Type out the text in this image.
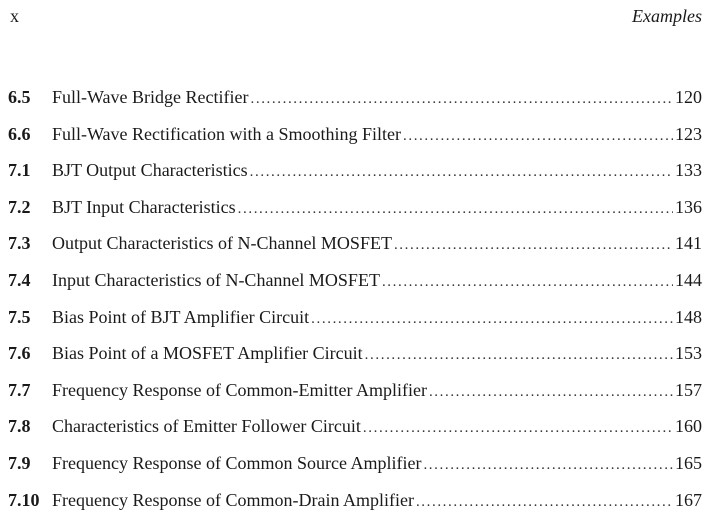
x	Examples
6.5	Full-Wave Bridge Rectifier .....	120
6.6	Full-Wave Rectification with a Smoothing Filter .....	123
7.1	BJT Output Characteristics .....	133
7.2	BJT Input Characteristics .....	136
7.3	Output Characteristics of N-Channel MOSFET .....	141
7.4	Input Characteristics of N-Channel MOSFET .....	144
7.5	Bias Point of BJT Amplifier Circuit .....	148
7.6	Bias Point of a MOSFET Amplifier Circuit .....	153
7.7	Frequency Response of Common-Emitter Amplifier .....	157
7.8	Characteristics of Emitter Follower Circuit .....	160
7.9	Frequency Response of Common Source Amplifier .....	165
7.10 Frequency Response of Common-Drain Amplifier .....	167
